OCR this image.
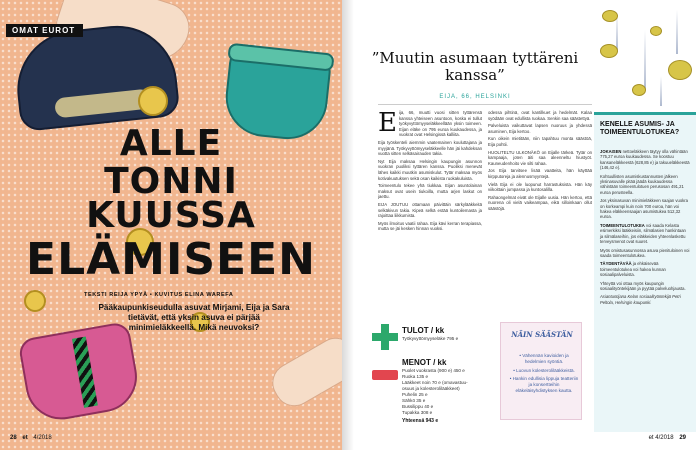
OMAT EUROT
ALLE
TONNI
KUUSSA
ELÄMISEEN
TEKSTI REIJA YPYÄ • KUVITUS ELINA WAREFA
Pääkaupunkiseudulla asuvat Mirjami, Eija ja Sara tietävät, että yksin asuva ei pärjää minimieläkkeellä. Mikä neuvoksi?
28 et 4/2018
”Muutin asumaan tyttäreni kanssa”
EIJA, 66, HELSINKI
E ija, 66, muutti vuosi sitten tyttärensä kanssa yhteiseen asuntoon, koska ei tullut työkyvyttömyyseläkkeellään yksin toimeen. Eijan eläke on 795 euroa kuukaudessa, ja vuokrat ovat Helsingissä kalliita.

Eija työskenteli aiemmin vaatemainen kouluttajana ja myyjänä. Työkyvyttömyyseläkkeelle hän jäi kahdeksan vuotta sitten selkäsairauden takia.

Nyt Eija maksaa Helsingin kaupungin asunnon vuokran puoliksi tyttären kanssa. Puoliksi menevät lähes kaikki muutkin asumiskulut. Tytär maksaa myös kotivakuutuksen sekä osan kaikista ruokakuluista.

Toimeentulo tekee yhä tiukkaa. Eijan asuntolainan maksut ovat usein tiukoilla, mutta arjen laskut on jaettu.

EIJA JOUTUU ottamaan päivittäin särkylääkkeitä selkäkivun takia. Kipeä selkä estää kuntoilemasta ja rajoittaa liikkumista.

Myös ilmoitus vaatii rahaa. Eija kävi kerran terapiassa, mutta se jäi kesken hinnan vuoksi.

odessa pihtinä, ovat kantilkuet ja hedelmät. Kalaa syödään ovat edullista ruokaa. Senkin saa säästettyä.

Palveluista vaikuttavat lapsen nuoruus ja yhdessä asuminen, Eija kertoo.

Kun oikein mietitään, niin tapahtuu monta säästöä, Eija pohtii.

HUOLITELTU ULKONÄKÖ on Eijalle tärkeä. Tytär on kampaaja, joten äiti saa aleenneltu hiustyöt. Kauneudenhoito vie silti rahaa.

Jos Eija tarvitsee lisää vaatteita, hän käyttää kirpputoreja ja alennusmyyntejä.

Vielä Eija ei ole luopunut harrastuksista. Hän käy viikoittain jumpassa ja kuntosalilla.

Rahaongelmat eivät ole Eijalle uusia. Hän kertoo, että nuorena oli vielä vaikeampaa, eikä silloinkaan ollut säästöjä.

TULOT / kk
Työkyvyttömyyseläke 795 e
MENOT / kk
Puolet vuokrasta (900 e) 450 e
Ruoka 135 e
Lääkkeet noin 70 e (omavastuu-
osuus ja kolesterolilääkkeet)
Puhelin 25 e
Sähkö 35 e
Bussilippu 40 e
Tupakka 308 e
Yhteensä 943 e
NÄIN SÄÄSTÄN
• Vähennän kavioiden ja hedelmien syöntiä.
• Luovun kolesterolilääkkeistä.
• Hankin edullisia lippuja teatteriin ja konsertteihin eläkeläisyhdistyksen kautta.
KENELLE ASUMIS- JA TOIMEENTULOTUKEA?

JOKAISEN nettoeläkkeen täytyy olla vähintään 775,27 euroa kuukaudessa. Se koostuu kansaneläkkeestä (628,85 e) ja takuueläkkeestä (146,42 e).

Kohtuullisten asumiskustannusten jälkeen yksinasuvalle pitää jäädä kuukaudessa vähintään toimeentulotuen perusosan 491,21 euroa perusteella.

Jos yksinasuvan minimieläkkeen saajan vuokra on korkeampi kuin noin 700 euroa, hän voi hakea eläkkeensaajan asumistukea 512,32 euroa.

TOIMEENTULOTUKEA voi saada Kelasta esimerkiksi lääkkeisiin, silmälasien hankintaan ja silmälaseihin, jos eläkkeiden yhteenlaskettu terveysmenot ovat suuret.

Myös omistusasunnossa asuva pienituloinen voi saada toimeentulotukea.

TÄYDENTÄVÄÄ ja ehkäisevää toimeentulotukea voi hakea kunnan sosiaalipalveluista.

Yhteyttä voi ottaa myös kaupungin sosiaalityöntekijään ja pyytää palveluohjausta.

Asiantuntijana Kelan sosiaalityöntekijä Petri Peltola, Helsingin kaupunki.

et 4/2018 29
